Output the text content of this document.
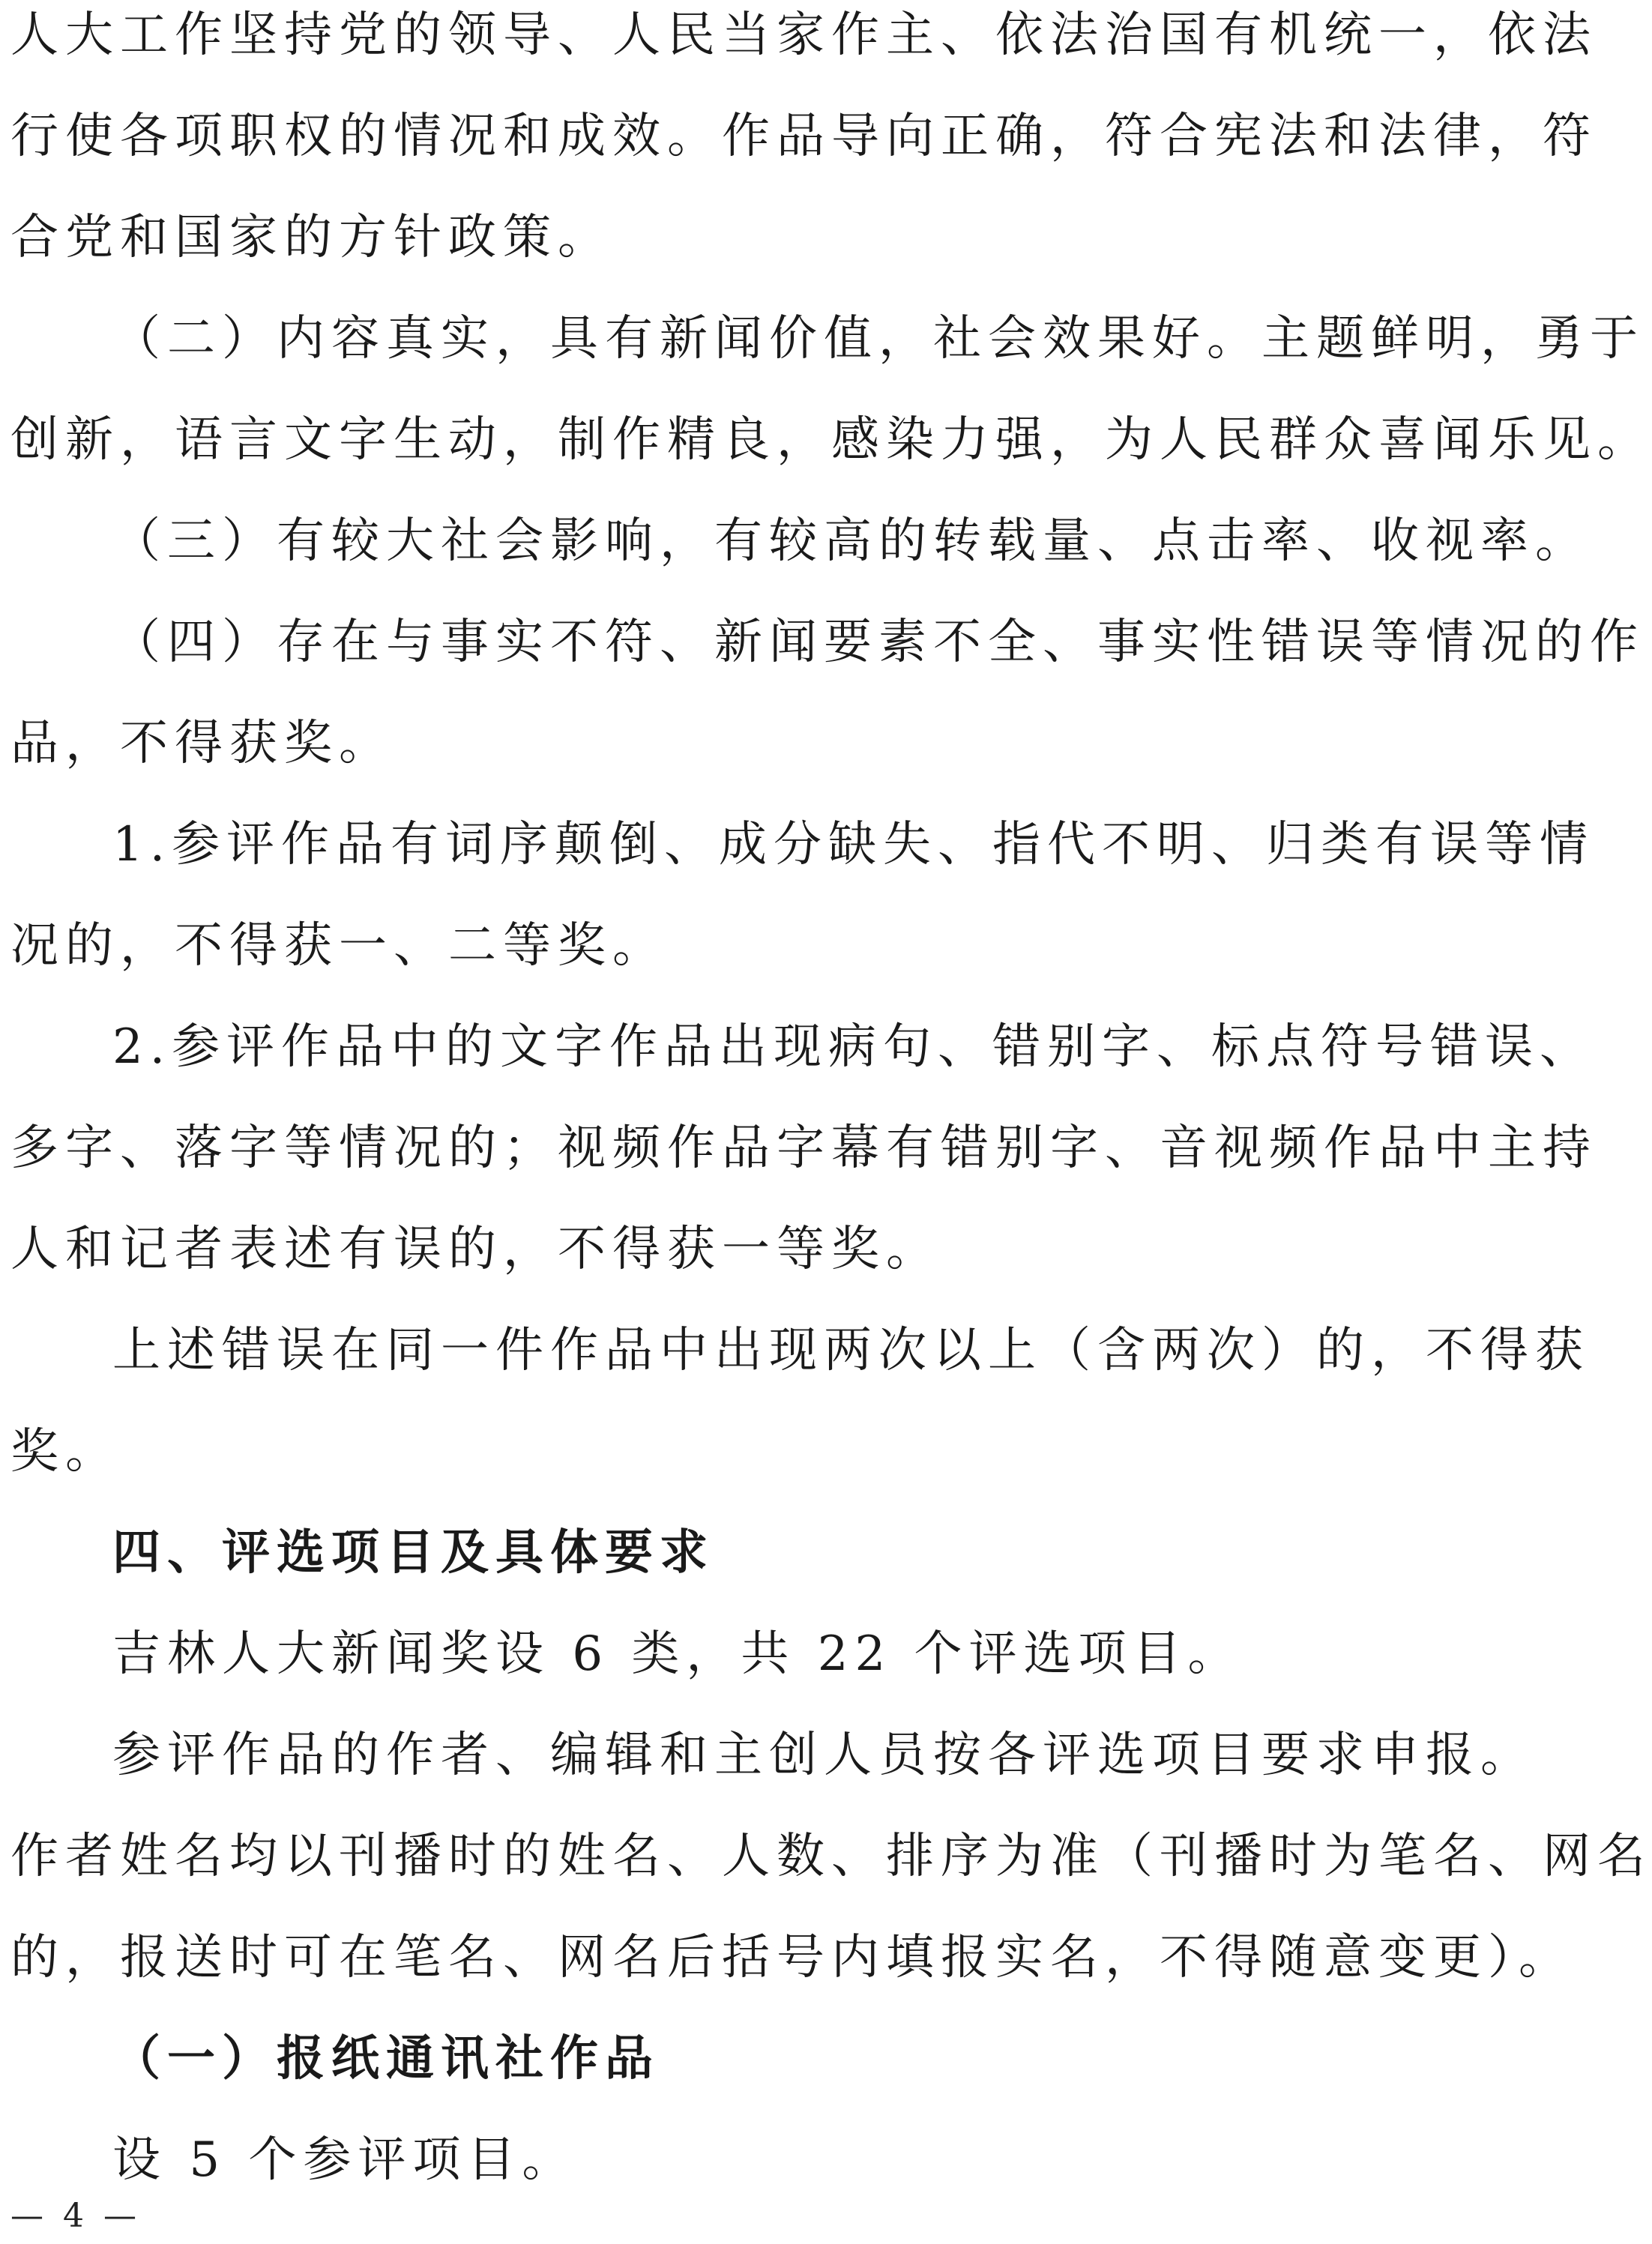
人大工作坚持党的领导、人民当家作主、依法治国有机统一，依法
行使各项职权的情况和成效。作品导向正确，符合宪法和法律，符
合党和国家的方针政策。
（二）内容真实，具有新闻价值，社会效果好。主题鲜明，勇于
创新，语言文字生动，制作精良，感染力强，为人民群众喜闻乐见。
（三）有较大社会影响，有较高的转载量、点击率、收视率。
（四）存在与事实不符、新闻要素不全、事实性错误等情况的作
品，不得获奖。
1.参评作品有词序颠倒、成分缺失、指代不明、归类有误等情
况的，不得获一、二等奖。
2.参评作品中的文字作品出现病句、错别字、标点符号错误、
多字、落字等情况的；视频作品字幕有错别字、音视频作品中主持
人和记者表述有误的，不得获一等奖。
上述错误在同一件作品中出现两次以上（含两次）的，不得获
奖。
四、评选项目及具体要求
吉林人大新闻奖设 6 类，共 22 个评选项目。
参评作品的作者、编辑和主创人员按各评选项目要求申报。
作者姓名均以刊播时的姓名、人数、排序为准（刊播时为笔名、网名
的，报送时可在笔名、网名后括号内填报实名，不得随意变更）。
（一）报纸通讯社作品
设 5 个参评项目。
— 4 —
